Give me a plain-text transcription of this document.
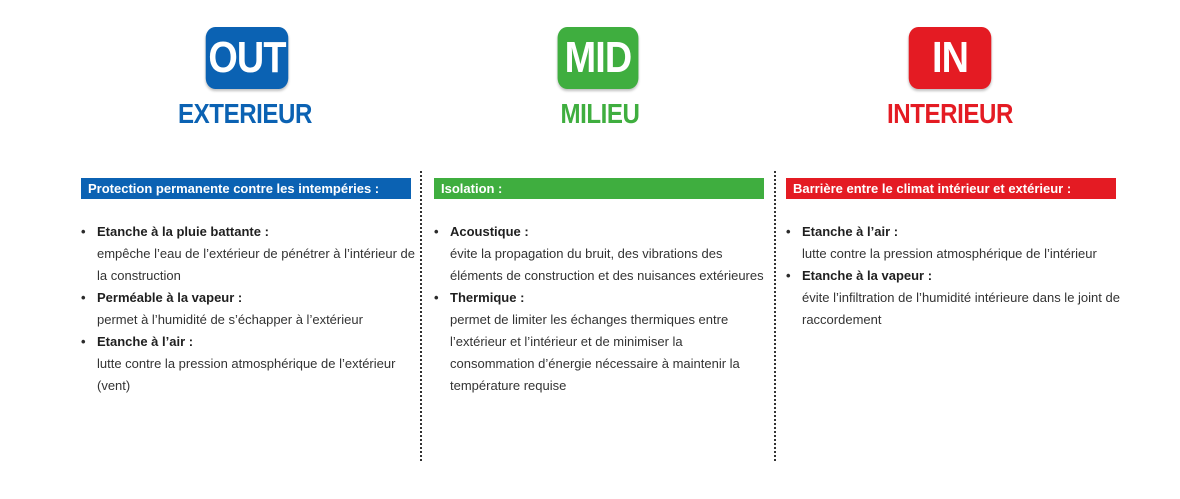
OUT	MID	IN
EXTERIEUR	MILIEU	INTERIEUR
Protection permanente contre les intempéries :	Isolation :	Barrière entre le climat intérieur et extérieur :
• Etanche à la pluie battante :
empêche l’eau de l’extérieur de pénétrer à l’intérieur de la construction
• Perméable à la vapeur :
permet à l’humidité de s’échapper à l’extérieur
• Etanche à l’air :
lutte contre la pression atmosphérique de l’extérieur (vent)
• Acoustique :
évite la propagation du bruit, des vibrations des éléments de construction et des nuisances extérieures
• Thermique :
permet de limiter les échanges thermiques entre l’extérieur et l’intérieur et de minimiser la consommation d’énergie nécessaire à maintenir la température requise
• Etanche à l’air :
lutte contre la pression atmosphérique de l’intérieur
• Etanche à la vapeur :
évite l’infiltration de l’humidité intérieure dans le joint de raccordement
